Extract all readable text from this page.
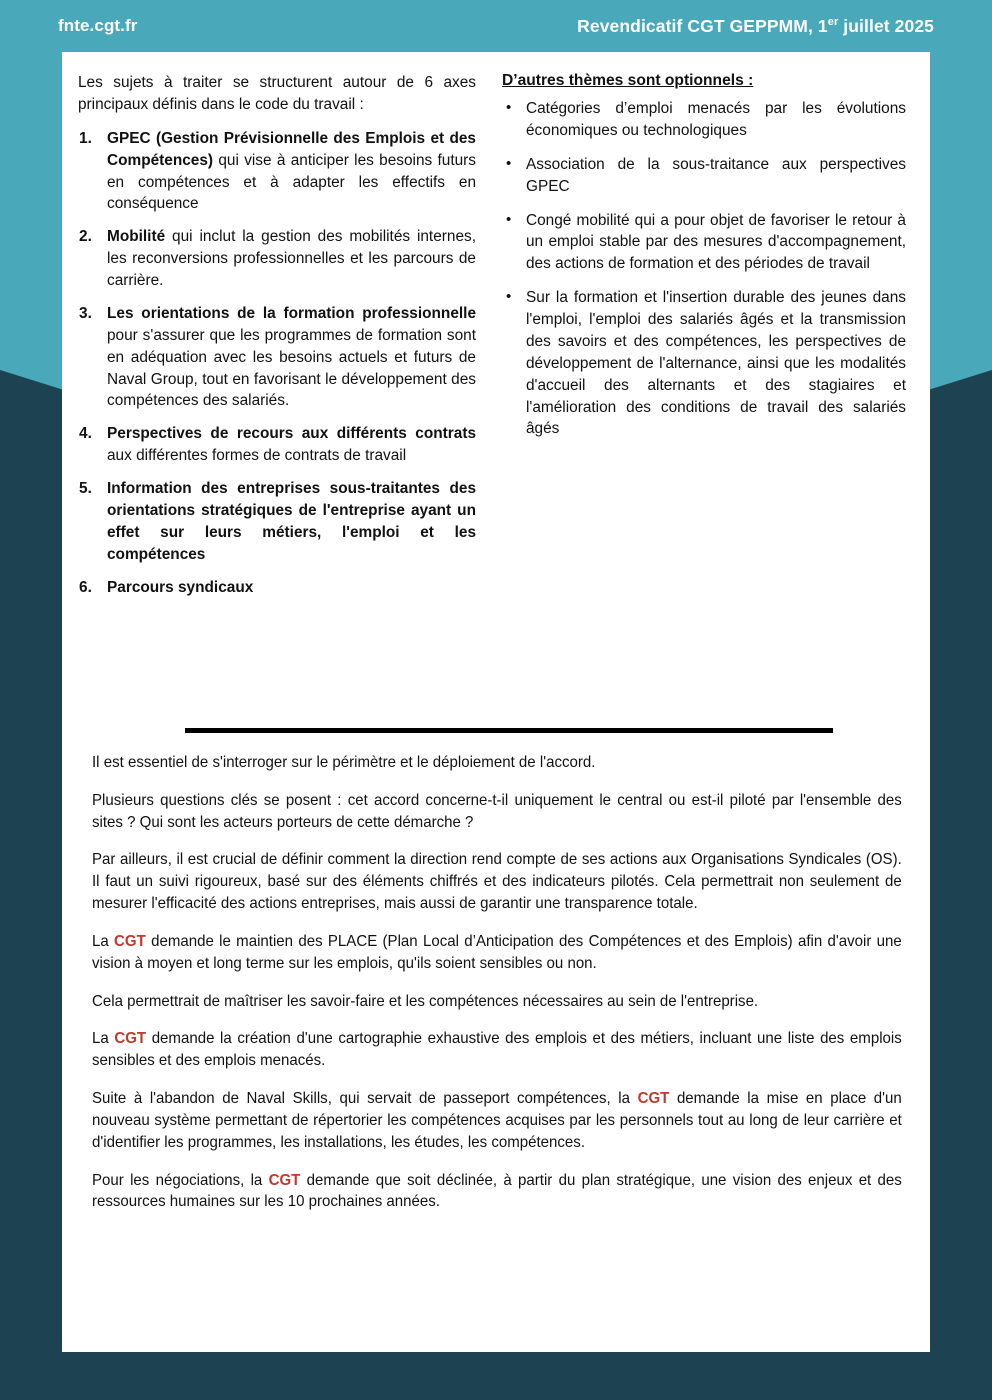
fnte.cgt.fr	Revendicatif CGT GEPPMM, 1er juillet 2025

Les sujets à traiter se structurent autour de 6 axes principaux définis dans le code du travail :

GPEC (Gestion Prévisionnelle des Emplois et des Compétences) qui vise à anticiper les besoins futurs en compétences et à adapter les effectifs en conséquence
Mobilité qui inclut la gestion des mobilités internes, les reconversions professionnelles et les parcours de carrière.
Les orientations de la formation professionnelle pour s'assurer que les programmes de formation sont en adéquation avec les besoins actuels et futurs de Naval Group, tout en favorisant le développement des compétences des salariés.
Perspectives de recours aux différents contrats aux différentes formes de contrats de travail
Information des entreprises sous-traitantes des orientations stratégiques de l'entreprise ayant un effet sur leurs métiers, l'emploi et les compétences
Parcours syndicaux
D’autres thèmes sont optionnels :
• Catégories d’emploi menacés par les évolutions économiques ou technologiques
• Association de la sous-traitance aux perspectives GPEC
• Congé mobilité qui a pour objet de favoriser le retour à un emploi stable par des mesures d'accompagnement, des actions de formation et des périodes de travail
• Sur la formation et l'insertion durable des jeunes dans l'emploi, l'emploi des salariés âgés et la transmission des savoirs et des compétences, les perspectives de développement de l'alternance, ainsi que les modalités d'accueil des alternants et des stagiaires et l'amélioration des conditions de travail des salariés âgés

Il est essentiel de s'interroger sur le périmètre et le déploiement de l'accord.

Plusieurs questions clés se posent : cet accord concerne-t-il uniquement le central ou est-il piloté par l'ensemble des sites ? Qui sont les acteurs porteurs de cette démarche ?

Par ailleurs, il est crucial de définir comment la direction rend compte de ses actions aux Organisations Syndicales (OS). Il faut un suivi rigoureux, basé sur des éléments chiffrés et des indicateurs pilotés. Cela permettrait non seulement de mesurer l'efficacité des actions entreprises, mais aussi de garantir une transparence totale.

La CGT demande le maintien des PLACE (Plan Local d’Anticipation des Compétences et des Emplois) afin d'avoir une vision à moyen et long terme sur les emplois, qu'ils soient sensibles ou non.

Cela permettrait de maîtriser les savoir-faire et les compétences nécessaires au sein de l'entreprise.

La CGT demande la création d'une cartographie exhaustive des emplois et des métiers, incluant une liste des emplois sensibles et des emplois menacés.

Suite à l'abandon de Naval Skills, qui servait de passeport compétences, la CGT demande la mise en place d'un nouveau système permettant de répertorier les compétences acquises par les personnels tout au long de leur carrière et d'identifier les programmes, les installations, les études, les compétences.

Pour les négociations, la CGT demande que soit déclinée, à partir du plan stratégique, une vision des enjeux et des ressources humaines sur les 10 prochaines années.
